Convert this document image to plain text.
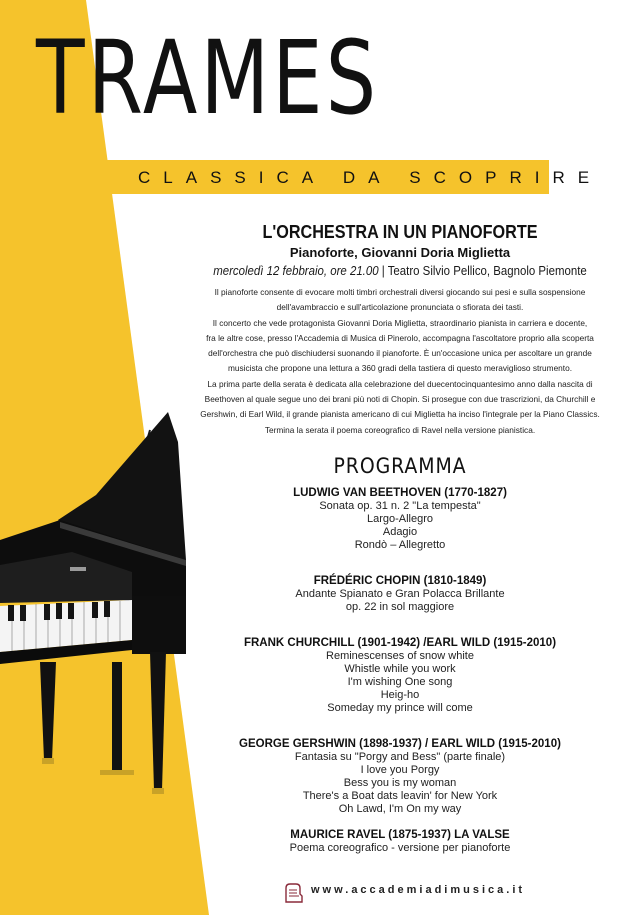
TRAMES
CLASSICA DA SCOPRIRE
L'ORCHESTRA IN UN PIANOFORTE

Pianoforte, Giovanni Doria Miglietta

mercoledì 12 febbraio, ore 21.00 | Teatro Silvio Pellico, Bagnolo Piemonte

Il pianoforte consente di evocare molti timbri orchestrali diversi giocando sui pesi e sulla sospensione

dell'avambraccio e sull'articolazione pronunciata o sfiorata dei tasti.

Il concerto che vede protagonista Giovanni Doria Miglietta, straordinario pianista in carriera e docente,

fra le altre cose, presso l'Accademia di Musica di Pinerolo, accompagna l'ascoltatore proprio alla scoperta

dell'orchestra che può dischiudersi suonando il pianoforte. È un'occasione unica per ascoltare un grande

musicista che propone una lettura a 360 gradi della tastiera di questo meraviglioso strumento.

La prima parte della serata è dedicata alla celebrazione del duecentocinquantesimo anno dalla nascita di

Beethoven al quale segue uno dei brani più noti di Chopin. Si prosegue con due trascrizioni, da Churchill e

Gershwin, di Earl Wild, il grande pianista americano di cui Miglietta ha inciso l'integrale per la Piano Classics.

Termina la serata il poema coreografico di Ravel nella versione pianistica.

PROGRAMMA
LUDWIG VAN BEETHOVEN (1770-1827)
Sonata op. 31 n. 2 "La tempesta"
Largo-Allegro
Adagio
Rondò – Allegretto
FRÉDÉRIC CHOPIN (1810-1849)
Andante Spianato e Gran Polacca Brillante
op. 22 in sol maggiore
FRANK CHURCHILL (1901-1942) /EARL WILD (1915-2010)
Reminescenses of snow white
Whistle while you work
I'm wishing One song
Heig-ho
Someday my prince will come
GEORGE GERSHWIN (1898-1937) / EARL WILD (1915-2010)
Fantasia su "Porgy and Bess" (parte finale)
I love you Porgy
Bess you is my woman
There's a Boat dats leavin' for New York
Oh Lawd, I'm On my way
MAURICE RAVEL (1875-1937) LA VALSE
Poema coreografico - versione per pianoforte
www.accademiadimusica.it
